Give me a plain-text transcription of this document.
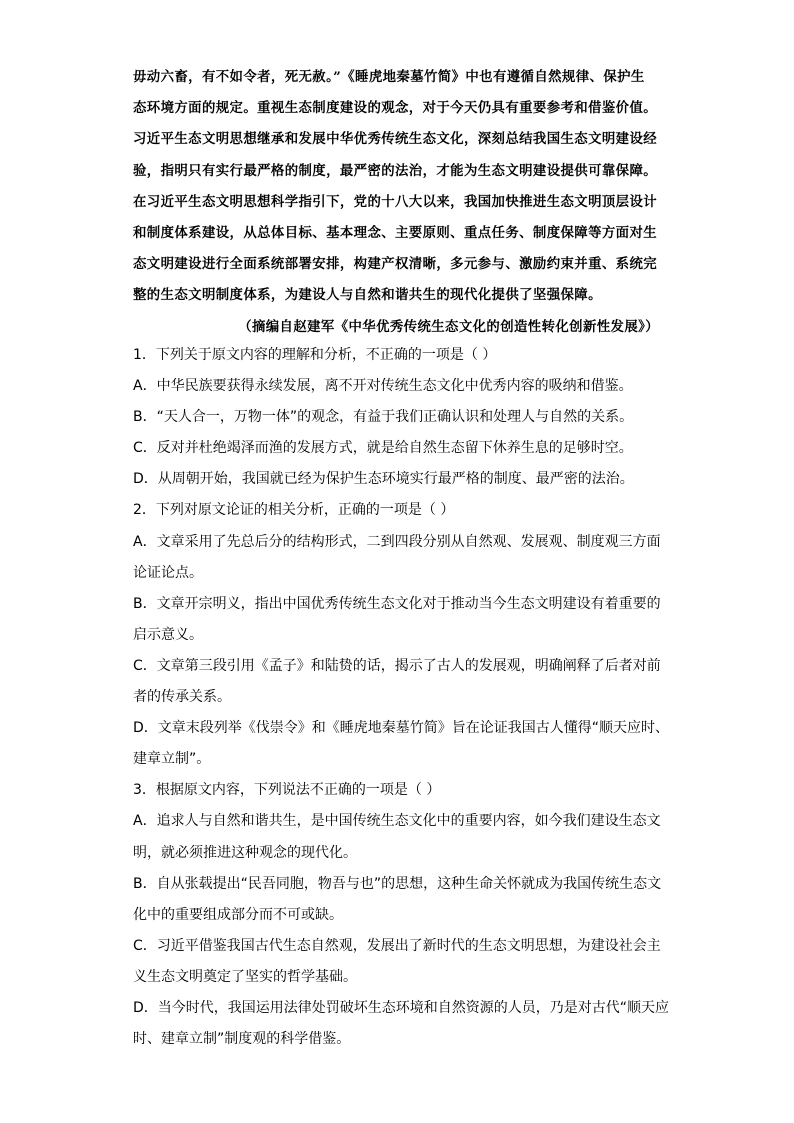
毋动六畜，有不如令者，死无赦。”《睡虎地秦墓竹简》中也有遵循自然规律、保护生
态环境方面的规定。重视生态制度建设的观念，对于今天仍具有重要参考和借鉴价值。
习近平生态文明思想继承和发展中华优秀传统生态文化，深刻总结我国生态文明建设经
验，指明只有实行最严格的制度，最严密的法治，才能为生态文明建设提供可靠保障。
在习近平生态文明思想科学指引下，党的十八大以来，我国加快推进生态文明顶层设计
和制度体系建设，从总体目标、基本理念、主要原则、重点任务、制度保障等方面对生
态文明建设进行全面系统部署安排，构建产权清晰，多元参与、激励约束并重、系统完
整的生态文明制度体系，为建设人与自然和谐共生的现代化提供了坚强保障。
（摘编自赵建军《中华优秀传统生态文化的创造性转化创新性发展》）
1．下列关于原文内容的理解和分析，不正确的一项是（ ）
A．中华民族要获得永续发展，离不开对传统生态文化中优秀内容的吸纳和借鉴。
B．“天人合一，万物一体”的观念，有益于我们正确认识和处理人与自然的关系。
C．反对并杜绝竭泽而渔的发展方式，就是给自然生态留下休养生息的足够时空。
D．从周朝开始，我国就已经为保护生态环境实行最严格的制度、最严密的法治。
2．下列对原文论证的相关分析，正确的一项是（ ）
A．文章采用了先总后分的结构形式，二到四段分别从自然观、发展观、制度观三方面
论证论点。
B．文章开宗明义，指出中国优秀传统生态文化对于推动当今生态文明建设有着重要的
启示意义。
C．文章第三段引用《孟子》和陆贽的话，揭示了古人的发展观，明确阐释了后者对前
者的传承关系。
D．文章末段列举《伐崇令》和《睡虎地秦墓竹简》旨在论证我国古人懂得“顺天应时、
建章立制”。
3．根据原文内容，下列说法不正确的一项是（ ）
A．追求人与自然和谐共生，是中国传统生态文化中的重要内容，如今我们建设生态文
明，就必须推进这种观念的现代化。
B．自从张载提出“民吾同胞，物吾与也”的思想，这种生命关怀就成为我国传统生态文
化中的重要组成部分而不可或缺。
C．习近平借鉴我国古代生态自然观，发展出了新时代的生态文明思想，为建设社会主
义生态文明奠定了坚实的哲学基础。
D．当今时代，我国运用法律处罚破坏生态环境和自然资源的人员，乃是对古代“顺天应
时、建章立制”制度观的科学借鉴。
